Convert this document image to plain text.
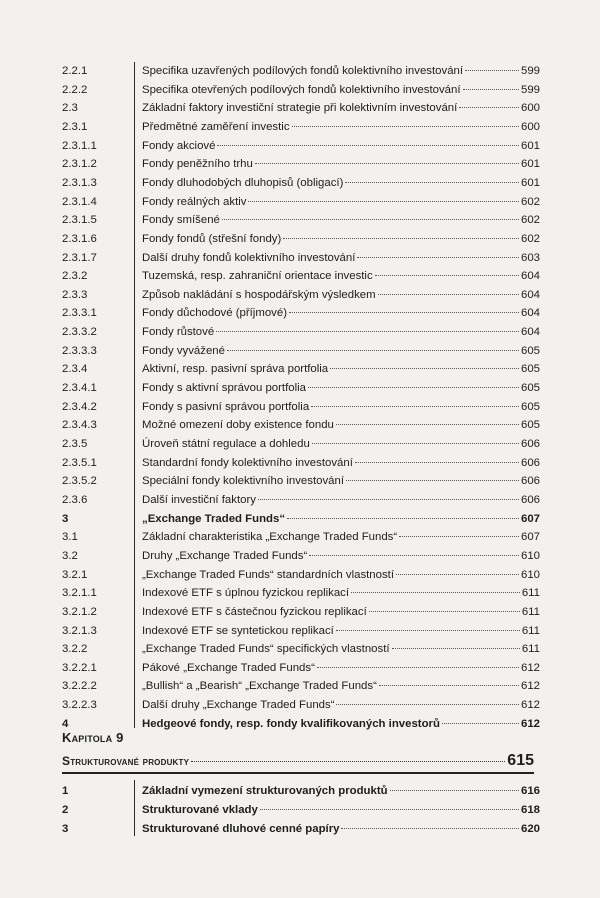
2.2.1	Specifika uzavřených podílových fondů kolektivního investování	599
2.2.2	Specifika otevřených podílových fondů kolektivního investování	599
2.3	Základní faktory investiční strategie při kolektivním investování	600
2.3.1	Předmětné zaměření investic	600
2.3.1.1	Fondy akciové	601
2.3.1.2	Fondy peněžního trhu	601
2.3.1.3	Fondy dluhodobých dluhopisů (obligací)	601
2.3.1.4	Fondy reálných aktiv	602
2.3.1.5	Fondy smíšené	602
2.3.1.6	Fondy fondů (střešní fondy)	602
2.3.1.7	Další druhy fondů kolektivního investování	603
2.3.2	Tuzemská, resp. zahraniční orientace investic	604
2.3.3	Způsob nakládání s hospodářským výsledkem	604
2.3.3.1	Fondy důchodové (příjmové)	604
2.3.3.2	Fondy růstové	604
2.3.3.3	Fondy vyvážené	605
2.3.4	Aktivní, resp. pasivní správa portfolia	605
2.3.4.1	Fondy s aktivní správou portfolia	605
2.3.4.2	Fondy s pasivní správou portfolia	605
2.3.4.3	Možné omezení doby existence fondu	605
2.3.5	Úroveň státní regulace a dohledu	606
2.3.5.1	Standardní fondy kolektivního investování	606
2.3.5.2	Speciální fondy kolektivního investování	606
2.3.6	Další investiční faktory	606
3	„Exchange Traded Funds“	607
3.1	Základní charakteristika „Exchange Traded Funds“	607
3.2	Druhy „Exchange Traded Funds“	610
3.2.1	„Exchange Traded Funds“ standardních vlastností	610
3.2.1.1	Indexové ETF s úplnou fyzickou replikací	611
3.2.1.2	Indexové ETF s částečnou fyzickou replikací	611
3.2.1.3	Indexové ETF se syntetickou replikací	611
3.2.2	„Exchange Traded Funds“ specifických vlastností	611
3.2.2.1	Pákové „Exchange Traded Funds“	612
3.2.2.2	„Bullish“ a „Bearish“ „Exchange Traded Funds“	612
3.2.2.3	Další druhy „Exchange Traded Funds“	612
4	Hedgeové fondy, resp. fondy kvalifikovaných investorů	612
Kapitola 9
Strukturované produkty	615
1	Základní vymezení strukturovaných produktů	616
2	Strukturované vklady	618
3	Strukturované dluhové cenné papíry	620
